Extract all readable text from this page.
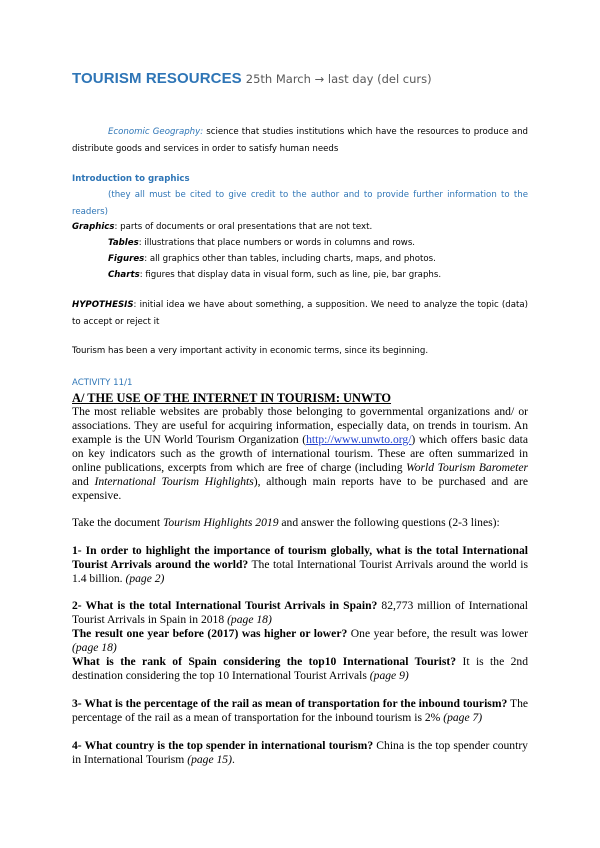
TOURISM RESOURCES 25th March → last day (del curs)
Economic Geography: science that studies institutions which have the resources to produce and distribute goods and services in order to satisfy human needs
Introduction to graphics
(they all must be cited to give credit to the author and to provide further information to the readers)
Graphics: parts of documents or oral presentations that are not text.
Tables: illustrations that place numbers or words in columns and rows.
Figures: all graphics other than tables, including charts, maps, and photos.
Charts: figures that display data in visual form, such as line, pie, bar graphs.
HYPOTHESIS: initial idea we have about something, a supposition. We need to analyze the topic (data) to accept or reject it
Tourism has been a very important activity in economic terms, since its beginning.
ACTIVITY 11/1
A/ THE USE OF THE INTERNET IN TOURISM: UNWTO
The most reliable websites are probably those belonging to governmental organizations and/ or associations. They are useful for acquiring information, especially data, on trends in tourism. An example is the UN World Tourism Organization (http://www.unwto.org/) which offers basic data on key indicators such as the growth of international tourism. These are often summarized in online publications, excerpts from which are free of charge (including World Tourism Barometer and International Tourism Highlights), although main reports have to be purchased and are expensive.
Take the document Tourism Highlights 2019 and answer the following questions (2-3 lines):
1- In order to highlight the importance of tourism globally, what is the total International Tourist Arrivals around the world? The total International Tourist Arrivals around the world is 1.4 billion. (page 2)
2- What is the total International Tourist Arrivals in Spain? 82,773 million of International Tourist Arrivals in Spain in 2018 (page 18)
The result one year before (2017) was higher or lower? One year before, the result was lower (page 18)
What is the rank of Spain considering the top10 International Tourist? It is the 2nd destination considering the top 10 International Tourist Arrivals (page 9)
3- What is the percentage of the rail as mean of transportation for the inbound tourism? The percentage of the rail as a mean of transportation for the inbound tourism is 2% (page 7)
4- What country is the top spender in international tourism? China is the top spender country in International Tourism (page 15).
